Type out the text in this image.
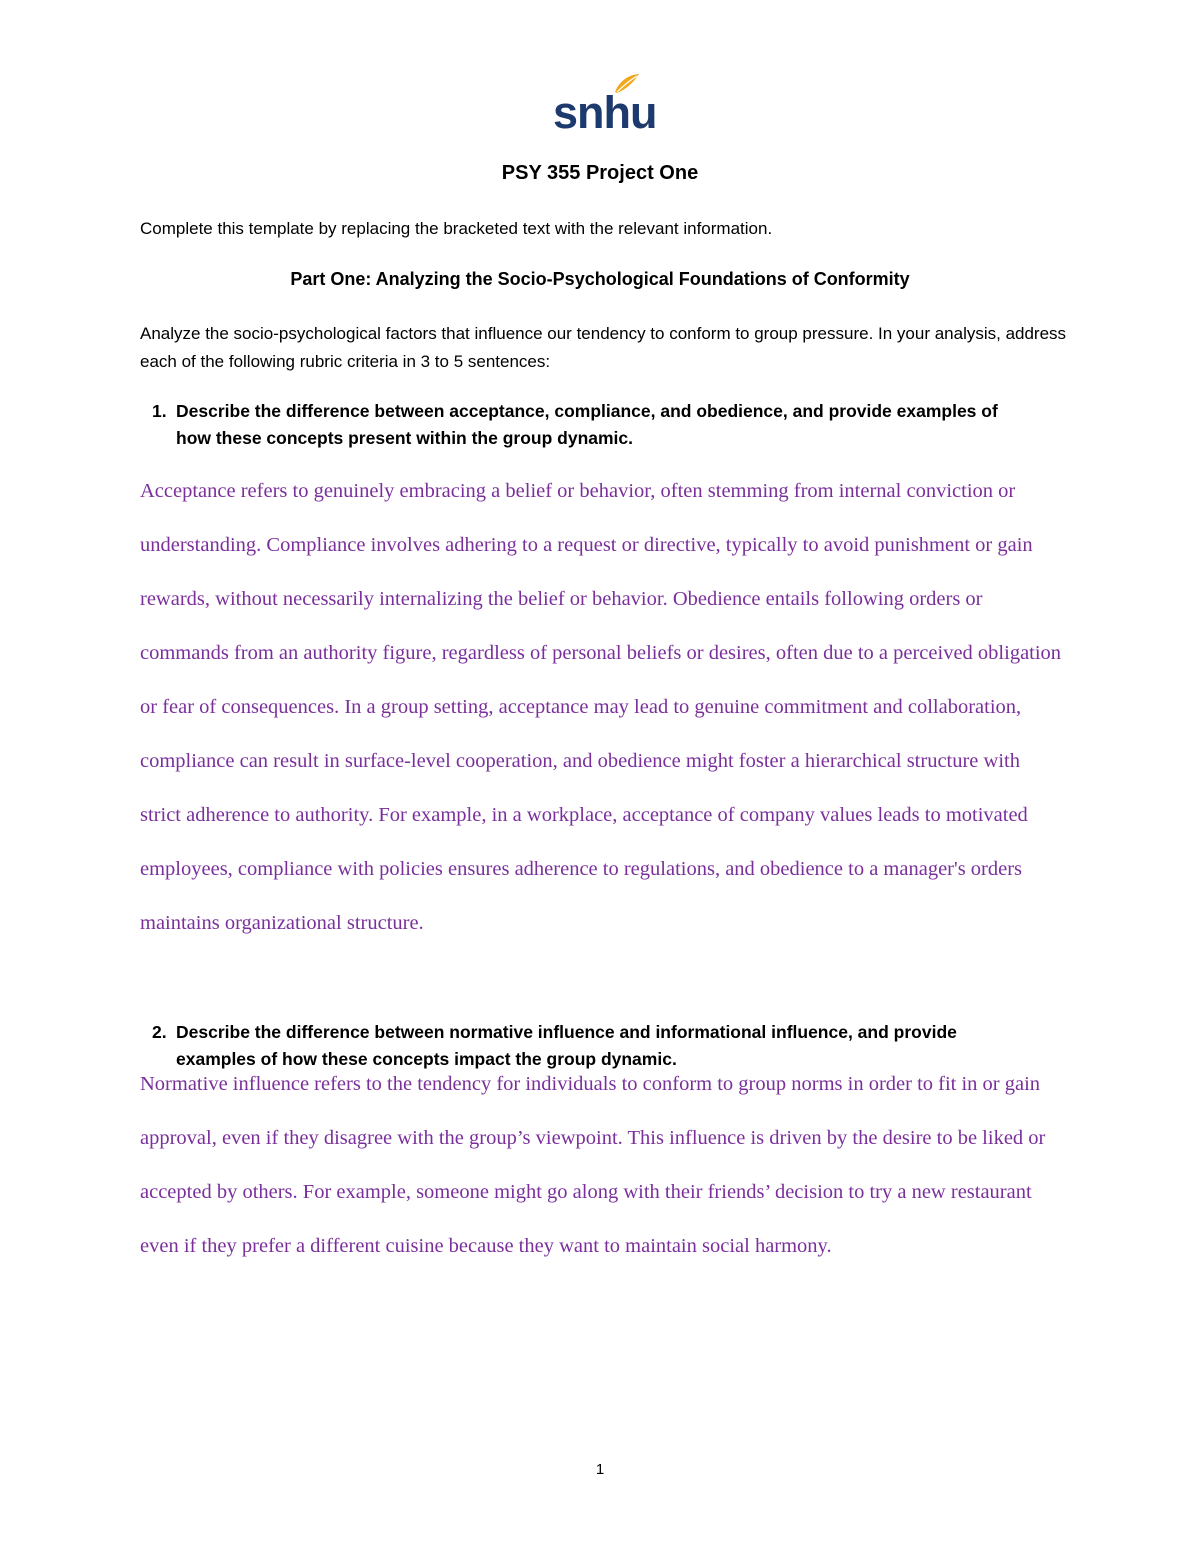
snhu
PSY 355 Project One

Complete this template by replacing the bracketed text with the relevant information.

Part One: Analyzing the Socio-Psychological Foundations of Conformity

Analyze the socio-psychological factors that influence our tendency to conform to group pressure. In your analysis, address each of the following rubric criteria in 3 to 5 sentences:

1. Describe the difference between acceptance, compliance, and obedience, and provide examples of how these concepts present within the group dynamic.

Acceptance refers to genuinely embracing a belief or behavior, often stemming from internal conviction or understanding. Compliance involves adhering to a request or directive, typically to avoid punishment or gain rewards, without necessarily internalizing the belief or behavior. Obedience entails following orders or commands from an authority figure, regardless of personal beliefs or desires, often due to a perceived obligation or fear of consequences. In a group setting, acceptance may lead to genuine commitment and collaboration, compliance can result in surface-level cooperation, and obedience might foster a hierarchical structure with strict adherence to authority. For example, in a workplace, acceptance of company values leads to motivated employees, compliance with policies ensures adherence to regulations, and obedience to a manager's orders maintains organizational structure.

2. Describe the difference between normative influence and informational influence, and provide examples of how these concepts impact the group dynamic.

Normative influence refers to the tendency for individuals to conform to group norms in order to fit in or gain approval, even if they disagree with the group’s viewpoint. This influence is driven by the desire to be liked or accepted by others. For example, someone might go along with their friends’ decision to try a new restaurant even if they prefer a different cuisine because they want to maintain social harmony.

1
